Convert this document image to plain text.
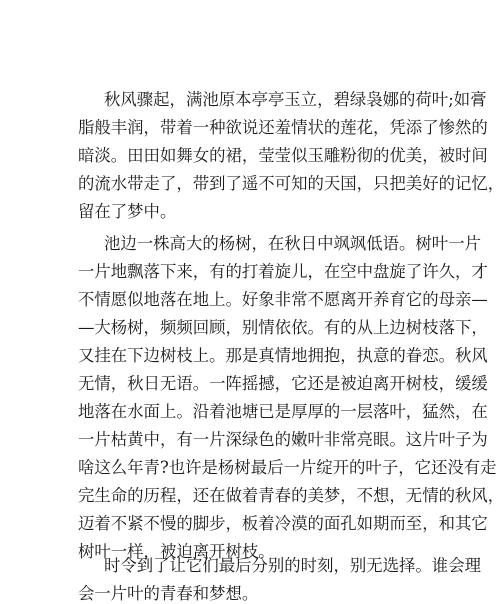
秋风骤起，满池原本亭亭玉立，碧绿袅娜的荷叶;如膏
脂般丰润，带着一种欲说还羞情状的莲花，凭添了惨然的
暗淡。田田如舞女的裙，莹莹似玉雕粉彻的优美，被时间
的流水带走了，带到了遥不可知的天国，只把美好的记忆，
留在了梦中。
池边一株高大的杨树，在秋日中飒飒低语。树叶一片
一片地飘落下来，有的打着旋儿，在空中盘旋了许久，才
不情愿似地落在地上。好象非常不愿离开养育它的母亲—
—大杨树，频频回顾，别情依依。有的从上边树枝落下，
又挂在下边树枝上。那是真情地拥抱，执意的眷恋。秋风
无情，秋日无语。一阵摇撼，它还是被迫离开树枝，缓缓
地落在水面上。沿着池塘已是厚厚的一层落叶，猛然，在
一片枯黄中，有一片深绿色的嫩叶非常亮眼。这片叶子为
啥这么年青?也许是杨树最后一片绽开的叶子，它还没有走
完生命的历程，还在做着青春的美梦，不想，无情的秋风，
迈着不紧不慢的脚步，板着冷漠的面孔如期而至，和其它
树叶一样，被迫离开树枝。
时令到了让它们最后分别的时刻，别无选择。谁会理
会一片叶的青春和梦想。
